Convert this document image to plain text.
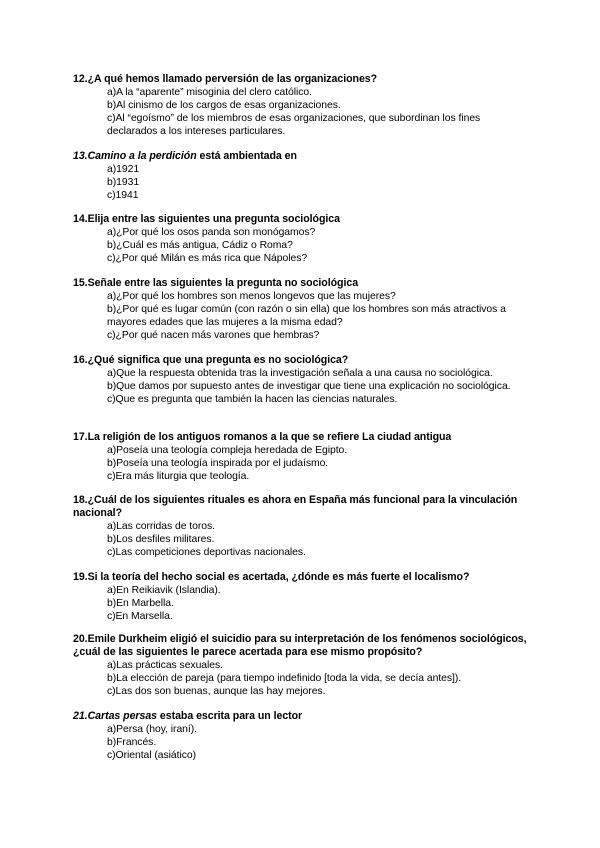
12.¿A qué hemos llamado perversión de las organizaciones?

a)A la “aparente” misoginia del clero católico.
b)Al cinismo de los cargos de esas organizaciones.
c)Al “egoísmo” de los miembros de esas organizaciones, que subordinan los fines declarados a los intereses particulares.

13.Camino a la perdición está ambientada en

a)1921
b)1931
c)1941

14.Elija entre las siguientes una pregunta sociológica

a)¿Por qué los osos panda son monógamos?
b)¿Cuál es más antigua, Cádiz o Roma?
c)¿Por qué Milán es más rica que Nápoles?

15.Señale entre las siguientes la pregunta no sociológica

a)¿Por qué los hombres son menos longevos que las mujeres?
b)¿Por qué es lugar común (con razón o sin ella) que los hombres son más atractivos a mayores edades que las mujeres a la misma edad?
c)¿Por qué nacen más varones que hembras?

16.¿Qué significa que una pregunta es no sociológica?

a)Que la respuesta obtenida tras la investigación señala a una causa no sociológica.
b)Que damos por supuesto antes de investigar que tiene una explicación no sociológica.
c)Que es pregunta que también la hacen las ciencias naturales.

17.La religión de los antiguos romanos a la que se refiere La ciudad antigua

a)Poseía una teología compleja heredada de Egipto.
b)Poseía una teología inspirada por el judaísmo.
c)Era más liturgia que teología.

18.¿Cuál de los siguientes rituales es ahora en España más funcional para la vinculación nacional?

a)Las corridas de toros.
b)Los desfiles militares.
c)Las competiciones deportivas nacionales.

19.Si la teoría del hecho social es acertada, ¿dónde es más fuerte el localismo?

a)En Reikiavik (Islandia).
b)En Marbella.
c)En Marsella.

20.Emile Durkheim eligió el suicidio para su interpretación de los fenómenos sociológicos, ¿cuál de las siguientes le parece acertada para ese mismo propósito?

a)Las prácticas sexuales.
b)La elección de pareja (para tiempo indefinido [toda la vida, se decía antes]).
c)Las dos son buenas, aunque las hay mejores.

21.Cartas persas estaba escrita para un lector

a)Persa (hoy, iraní).
b)Francés.
c)Oriental (asiático)
